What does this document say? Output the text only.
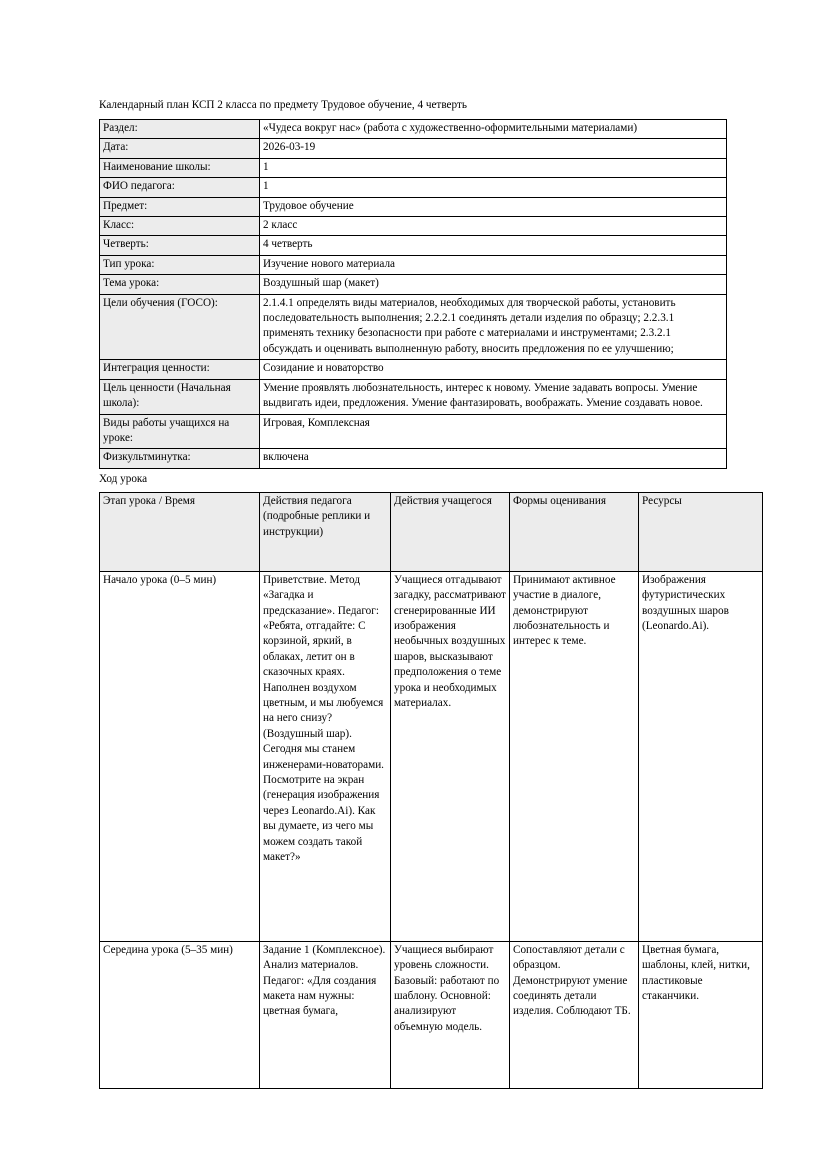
Календарный план КСП 2 класса по предмету Трудовое обучение, 4 четверть

Раздел:	«Чудеса вокруг нас» (работа с художественно-оформительными материалами)
Дата:	2026-03-19
Наименование школы:	1
ФИО педагога:	1
Предмет:	Трудовое обучение
Класс:	2 класс
Четверть:	4 четверть
Тип урока:	Изучение нового материала
Тема урока:	Воздушный шар (макет)
Цели обучения (ГОСО):	2.1.4.1 определять виды материалов, необходимых для творческой работы, установить последовательность выполнения; 2.2.2.1 соединять детали изделия по образцу; 2.2.3.1 применять технику безопасности при работе с материалами и инструментами; 2.3.2.1 обсуждать и оценивать выполненную работу, вносить предложения по ее улучшению;
Интеграция ценности:	Созидание и новаторство
Цель ценности (Начальная школа):	Умение проявлять любознательность, интерес к новому. Умение задавать вопросы. Умение выдвигать идеи, предложения. Умение фантазировать, воображать. Умение создавать новое.
Виды работы учащихся на уроке:	Игровая, Комплексная
Физкультминутка:	включена

Ход урока

Этап урока / Время	Действия педагога (подробные реплики и инструкции)	Действия учащегося	Формы оценивания	Ресурсы
Начало урока (0–5 мин)	Приветствие. Метод «Загадка и предсказание». Педагог: «Ребята, отгадайте: С корзиной, яркий, в облаках, летит он в сказочных краях. Наполнен воздухом цветным, и мы любуемся на него снизу? (Воздушный шар). Сегодня мы станем инженерами-новаторами. Посмотрите на экран (генерация изображения через Leonardo.Ai). Как вы думаете, из чего мы можем создать такой макет?»	Учащиеся отгадывают загадку, рассматривают сгенерированные ИИ изображения необычных воздушных шаров, высказывают предположения о теме урока и необходимых материалах.	Принимают активное участие в диалоге, демонстрируют любознательность и интерес к теме.	Изображения футуристических воздушных шаров (Leonardo.Ai).
Середина урока (5–35 мин)	Задание 1 (Комплексное). Анализ материалов. Педагог: «Для создания макета нам нужны: цветная бумага,	Учащиеся выбирают уровень сложности. Базовый: работают по шаблону. Основной: анализируют объемную модель.	Сопоставляют детали с образцом. Демонстрируют умение соединять детали изделия. Соблюдают ТБ.	Цветная бумага, шаблоны, клей, нитки, пластиковые стаканчики.
